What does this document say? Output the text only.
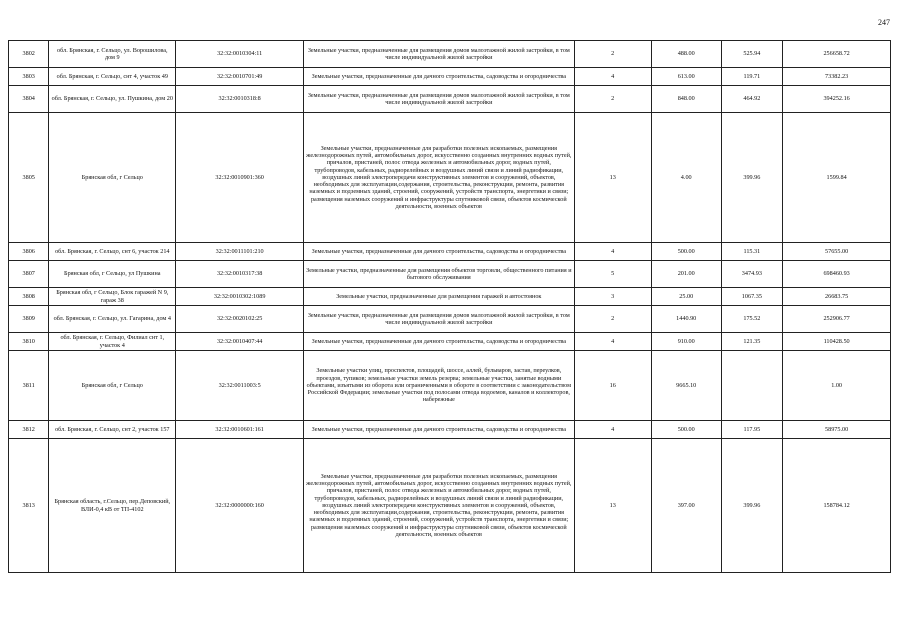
247
3802	обл. Брянская, г. Сельцо, ул. Ворошилова, дом 9	32:32:0010304:11	Земельные участки, предназначенные для размещения домов малоэтажной жилой застройки, в том числе индивидуальной жилой застройки	2	488.00	525.94	256658.72
3803	обл. Брянская, г. Сельцо, снт 4, участок 49	32:32:0010701:49	Земельные участки, предназначенные для дачного строительства, садоводства и огородничества	4	613.00	119.71	73382.23
3804	обл. Брянская, г. Сельцо, ул. Пушкина, дом 20	32:32:0010318:8	Земельные участки, предназначенные для размещения домов малоэтажной жилой застройки, в том числе индивидуальной жилой застройки	2	848.00	464.92	394252.16
3805	Брянская обл, г Сельцо	32:32:0010901:360	Земельные участки, предназначенные для разработки полезных ископаемых, размещения железнодорожных путей, автомобильных дорог, искусственно созданных внутренних водных путей, причалов, пристаней, полос отвода железных и автомобильных дорог, водных путей, трубопроводов, кабельных, радиорелейных и воздушных линий связи и линий радиофикации, воздушных линий электропередачи конструктивных элементов и сооружений, объектов, необходимых для эксплуатации,содержания, строительства, реконструкции, ремонта, развития наземных и подземных зданий, строений, сооружений, устройств транспорта, энергетики и связи; размещения наземных сооружений и инфраструктуры спутниковой связи, объектов космической деятельности, военных объектов	13	4.00	399.96	1599.84
3806	обл. Брянская, г. Сельцо, снт 6, участок 214	32:32:0011101:210	Земельные участки, предназначенные для дачного строительства, садоводства и огородничества	4	500.00	115.31	57655.00
3807	Брянская обл, г Сельцо, ул Пушкина	32:32:0010317:38	Земельные участки, предназначенные для размещения объектов торговли, общественного питания и бытового обслуживания	5	201.00	3474.93	698460.93
3808	Брянская обл, г Сельцо, Блок гаражей N 9, гараж 38	32:32:0010302:1089	Земельные участки, предназначенные для размещения гаражей и автостоянок	3	25.00	1067.35	26683.75
3809	обл. Брянская, г. Сельцо, ул. Гагарина, дом 4	32:32:0020102:25	Земельные участки, предназначенные для размещения домов малоэтажной жилой застройки, в том числе индивидуальной жилой застройки	2	1440.90	175.52	252906.77
3810	обл. Брянская, г. Сельцо, Филиал снт 1, участок 4	32:32:0010407:44	Земельные участки, предназначенные для дачного строительства, садоводства и огородничества	4	910.00	121.35	110428.50
3811	Брянская обл, г Сельцо	32:32:0011003:5	Земельные участки улиц, проспектов, площадей, шоссе, аллей, бульваров, застав, переулков, проездов, тупиков; земельные участки земель резерва; земельные участки, занятые водными объектами, изъятыми из оборота или ограниченными в обороте в соответствии с законодательством Российской Федерации; земельные участки под полосами отвода водоемов, каналов и коллекторов, набережные	16	9665.10		1.00
3812	обл. Брянская, г. Сельцо, снт 2, участок 157	32:32:0010601:161	Земельные участки, предназначенные для дачного строительства, садоводства и огородничества	4	500.00	117.95	58975.00
3813	Брянская область, г.Сельцо, пер.Деповский, ВЛИ-0,4 кВ от ТП-4102	32:32:0000000:160	Земельные участки, предназначенные для разработки полезных ископаемых, размещения железнодорожных путей, автомобильных дорог, искусственно созданных внутренних водных путей, причалов, пристаней, полос отвода железных и автомобильных дорог, водных путей, трубопроводов, кабельных, радиорелейных и воздушных линий связи и линий радиофикации, воздушных линий электропередачи конструктивных элементов и сооружений, объектов, необходимых для эксплуатации,содержания, строительства, реконструкции, ремонта, развития наземных и подземных зданий, строений, сооружений, устройств транспорта, энергетики и связи; размещения наземных сооружений и инфраструктуры спутниковой связи, объектов космической деятельности, военных объектов	13	397.00	399.96	158784.12
